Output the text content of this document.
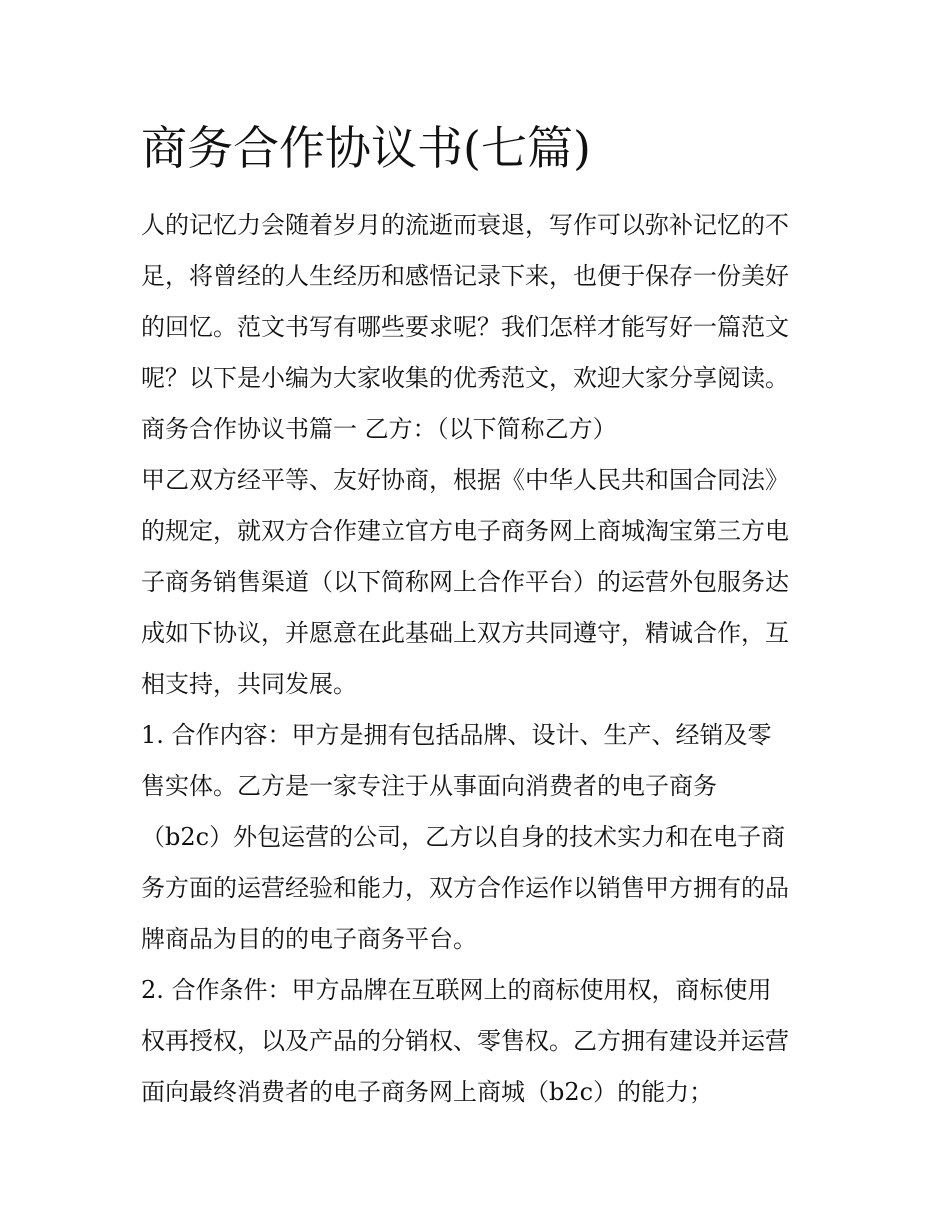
商务合作协议书(七篇)

人的记忆力会随着岁月的流逝而衰退，写作可以弥补记忆的不

足，将曾经的人生经历和感悟记录下来，也便于保存一份美好

的回忆。范文书写有哪些要求呢？我们怎样才能写好一篇范文

呢？以下是小编为大家收集的优秀范文，欢迎大家分享阅读。

商务合作协议书篇一 乙方：（以下简称乙方）

甲乙双方经平等、友好协商，根据《中华人民共和国合同法》

的规定，就双方合作建立官方电子商务网上商城淘宝第三方电

子商务销售渠道（以下简称网上合作平台）的运营外包服务达

成如下协议，并愿意在此基础上双方共同遵守，精诚合作，互

相支持，共同发展。

1. 合作内容：甲方是拥有包括品牌、设计、生产、经销及零

售实体。乙方是一家专注于从事面向消费者的电子商务

（b2c）外包运营的公司，乙方以自身的技术实力和在电子商

务方面的运营经验和能力，双方合作运作以销售甲方拥有的品

牌商品为目的的电子商务平台。

2. 合作条件：甲方品牌在互联网上的商标使用权，商标使用

权再授权，以及产品的分销权、零售权。乙方拥有建设并运营

面向最终消费者的电子商务网上商城（b2c）的能力；
